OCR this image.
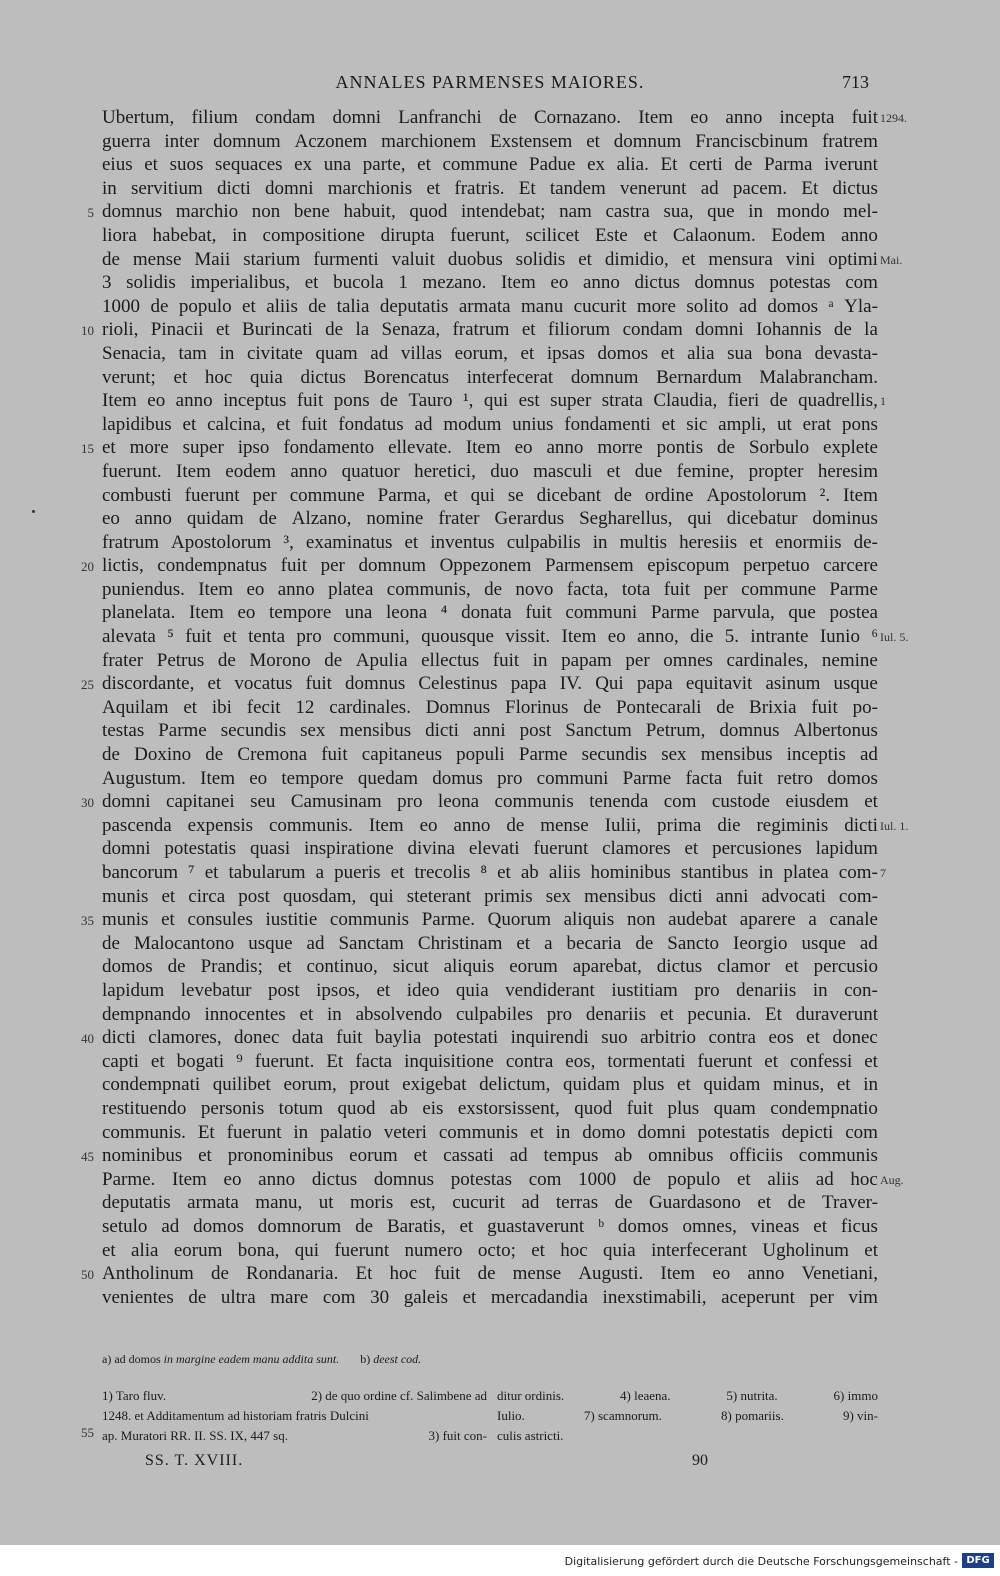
ANNALES PARMENSES MAIORES.	713
Ubertum, filium condam domni Lanfranchi de Cornazano. Item eo anno incepta fuit
guerra inter domnum Aczonem marchionem Exstensem et domnum Franciscbinum fratrem
eius et suos sequaces ex una parte, et commune Padue ex alia. Et certi de Parma iverunt
in servitium dicti domni marchionis et fratris. Et tandem venerunt ad pacem. Et dictus
domnus marchio non bene habuit, quod intendebat; nam castra sua, que in mondo mel-
liora habebat, in compositione dirupta fuerunt, scilicet Este et Calaonum. Eodem anno
de mense Maii starium furmenti valuit duobus solidis et dimidio, et mensura vini optimi
3 solidis imperialibus, et bucola 1 mezano. Item eo anno dictus domnus potestas com
1000 de populo et aliis de talia deputatis armata manu cucurit more solito ad domos ᵃ Yla-
rioli, Pinacii et Burincati de la Senaza, fratrum et filiorum condam domni Iohannis de la
Senacia, tam in civitate quam ad villas eorum, et ipsas domos et alia sua bona devasta-
verunt; et hoc quia dictus Borencatus interfecerat domnum Bernardum Malabrancham.
Item eo anno inceptus fuit pons de Tauro ¹, qui est super strata Claudia, fieri de quadrellis,
lapidibus et calcina, et fuit fondatus ad modum unius fondamenti et sic ampli, ut erat pons
et more super ipso fondamento ellevate. Item eo anno morre pontis de Sorbulo explete
fuerunt. Item eodem anno quatuor heretici, duo masculi et due femine, propter heresim
combusti fuerunt per commune Parma, et qui se dicebant de ordine Apostolorum ². Item
eo anno quidam de Alzano, nomine frater Gerardus Segharellus, qui dicebatur dominus
fratrum Apostolorum ³, examinatus et inventus culpabilis in multis heresiis et enormiis de-
lictis, condempnatus fuit per domnum Oppezonem Parmensem episcopum perpetuo carcere
puniendus. Item eo anno platea communis, de novo facta, tota fuit per commune Parme
planelata. Item eo tempore una leona ⁴ donata fuit communi Parme parvula, que postea
alevata ⁵ fuit et tenta pro communi, quousque vissit. Item eo anno, die 5. intrante Iunio ⁶
frater Petrus de Morono de Apulia ellectus fuit in papam per omnes cardinales, nemine
discordante, et vocatus fuit domnus Celestinus papa IV. Qui papa equitavit asinum usque
Aquilam et ibi fecit 12 cardinales. Domnus Florinus de Pontecarali de Brixia fuit po-
testas Parme secundis sex mensibus dicti anni post Sanctum Petrum, domnus Albertonus
de Doxino de Cremona fuit capitaneus populi Parme secundis sex mensibus inceptis ad
Augustum. Item eo tempore quedam domus pro communi Parme facta fuit retro domos
domni capitanei seu Camusinam pro leona communis tenenda com custode eiusdem et
pascenda expensis communis. Item eo anno de mense Iulii, prima die regiminis dicti
domni potestatis quasi inspiratione divina elevati fuerunt clamores et percusiones lapidum
bancorum ⁷ et tabularum a pueris et trecolis ⁸ et ab aliis hominibus stantibus in platea com-
munis et circa post quosdam, qui steterant primis sex mensibus dicti anni advocati com-
munis et consules iustitie communis Parme. Quorum aliquis non audebat aparere a canale
de Malocantono usque ad Sanctam Christinam et a becaria de Sancto Ieorgio usque ad
domos de Prandis; et continuo, sicut aliquis eorum aparebat, dictus clamor et percusio
lapidum levebatur post ipsos, et ideo quia vendiderant iustitiam pro denariis in con-
dempnando innocentes et in absolvendo culpabiles pro denariis et pecunia. Et duraverunt
dicti clamores, donec data fuit baylia potestati inquirendi suo arbitrio contra eos et donec
capti et bogati ⁹ fuerunt. Et facta inquisitione contra eos, tormentati fuerunt et confessi et
condempnati quilibet eorum, prout exigebat delictum, quidam plus et quidam minus, et in
restituendo personis totum quod ab eis exstorsissent, quod fuit plus quam condempnatio
communis. Et fuerunt in palatio veteri communis et in domo domni potestatis depicti com
nominibus et pronominibus eorum et cassati ad tempus ab omnibus officiis communis
Parme. Item eo anno dictus domnus potestas com 1000 de populo et aliis ad hoc
deputatis armata manu, ut moris est, cucurit ad terras de Guardasono et de Traver-
setulo ad domos domnorum de Baratis, et guastaverunt ᵇ domos omnes, vineas et ficus
et alia eorum bona, qui fuerunt numero octo; et hoc quia interfecerant Ugholinum et
Antholinum de Rondanaria. Et hoc fuit de mense Augusti. Item eo anno Venetiani,
venientes de ultra mare com 30 galeis et mercadandia inexstimabili, aceperunt per vim
5
10
15
20
25
30
35
40
45
50
1294.
Mai.
1
Iul. 5.
Iul. 1.
7
Aug.
a) ad domos in margine eadem manu addita sunt. b) deest cod.
1) Taro fluv.	2) de quo ordine cf. Salimbene ad ditur ordinis.	4) leaena.	5) nutrita.	6) immo
1248. et Additamentum ad historiam fratris Dulcini	Iulio.	7) scamnorum.	8) pomariis.	9) vin-
ap. Muratori RR. II. SS. IX, 447 sq.	3) fuit con- culis astricti.
55
SS. T. XVIII.	90
Digitalisierung gefördert durch die Deutsche Forschungsgemeinschaft - DFG
